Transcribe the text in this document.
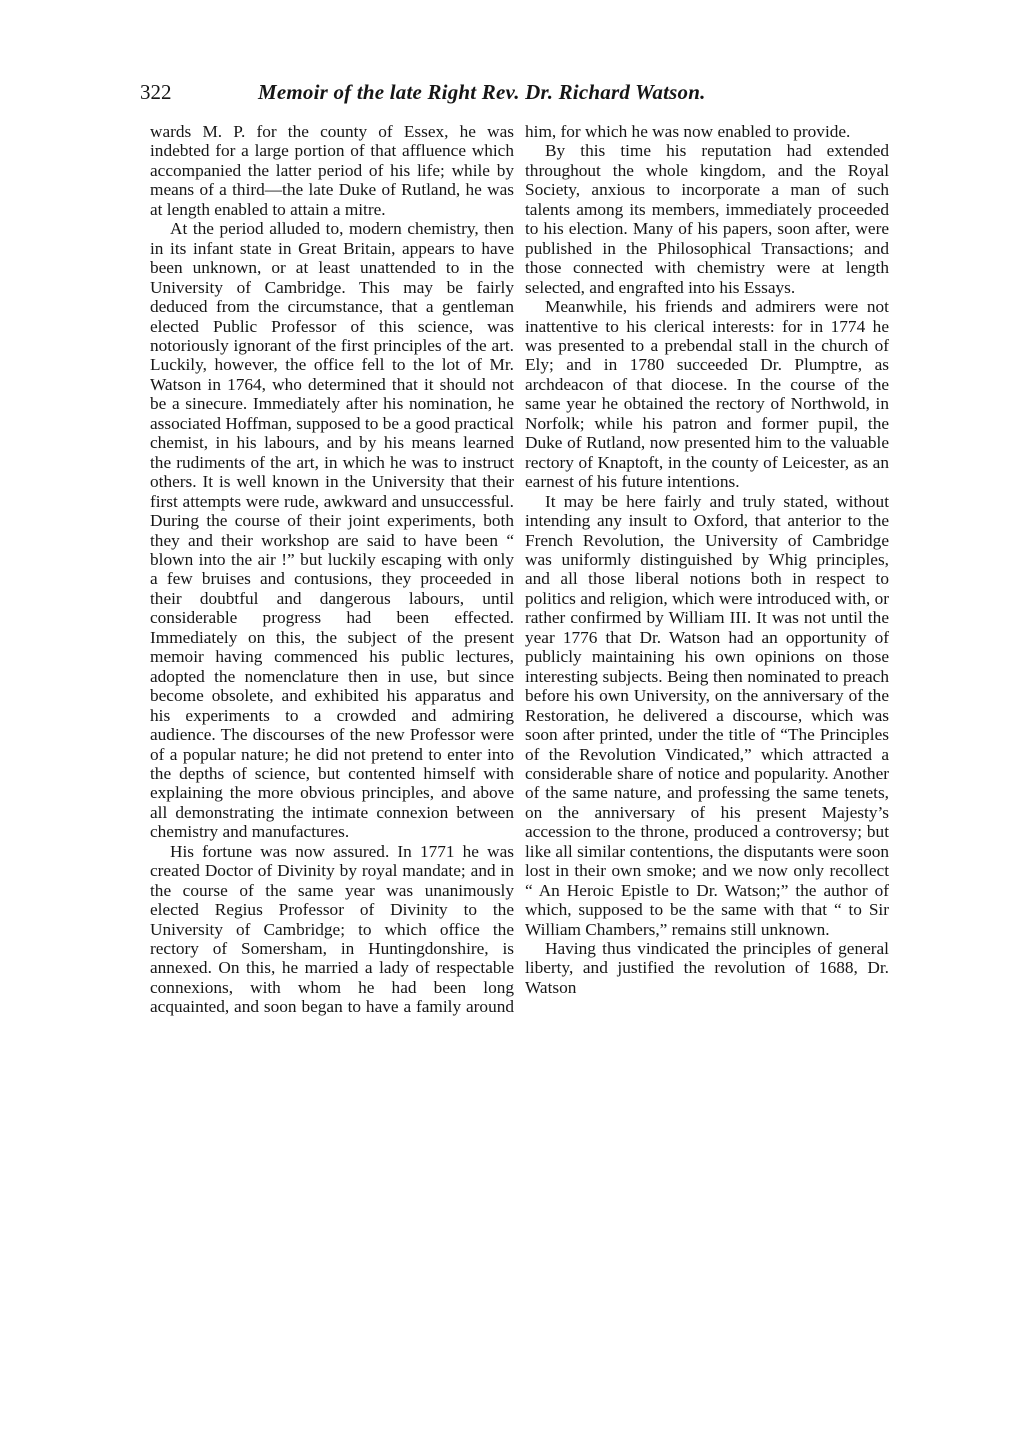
322	Memoir of the late Right Rev. Dr. Richard Watson.

wards M. P. for the county of Essex, he was indebted for a large portion of that affluence which accompanied the latter period of his life; while by means of a third—the late Duke of Rutland, he was at length enabled to attain a mitre.

At the period alluded to, modern chemistry, then in its infant state in Great Britain, appears to have been unknown, or at least unattended to in the University of Cambridge. This may be fairly deduced from the circumstance, that a gentleman elected Public Professor of this science, was notoriously ignorant of the first principles of the art. Luckily, however, the office fell to the lot of Mr. Watson in 1764, who determined that it should not be a sinecure. Immediately after his nomination, he associated Hoffman, supposed to be a good practical chemist, in his labours, and by his means learned the rudiments of the art, in which he was to instruct others. It is well known in the University that their first attempts were rude, awkward and unsuccessful. During the course of their joint experiments, both they and their workshop are said to have been “ blown into the air !” but luckily escaping with only a few bruises and contusions, they proceeded in their doubtful and dangerous labours, until considerable progress had been effected. Immediately on this, the subject of the present memoir having commenced his public lectures, adopted the nomenclature then in use, but since become obsolete, and exhibited his apparatus and his experiments to a crowded and admiring audience. The discourses of the new Professor were of a popular nature; he did not pretend to enter into the depths of science, but contented himself with explaining the more obvious principles, and above all demonstrating the intimate connexion between chemistry and manufactures.

His fortune was now assured. In 1771 he was created Doctor of Divinity by royal mandate; and in the course of the same year was unanimously elected Regius Professor of Divinity to the University of Cambridge; to which office the rectory of Somersham, in Huntingdonshire, is annexed. On this, he married a lady of respectable connexions, with whom he had been long acquainted, and soon began to have a family around

him, for which he was now enabled to provide.

By this time his reputation had extended throughout the whole kingdom, and the Royal Society, anxious to incorporate a man of such talents among its members, immediately proceeded to his election. Many of his papers, soon after, were published in the Philosophical Transactions; and those connected with chemistry were at length selected, and engrafted into his Essays.

Meanwhile, his friends and admirers were not inattentive to his clerical interests: for in 1774 he was presented to a prebendal stall in the church of Ely; and in 1780 succeeded Dr. Plumptre, as archdeacon of that diocese. In the course of the same year he obtained the rectory of Northwold, in Norfolk; while his patron and former pupil, the Duke of Rutland, now presented him to the valuable rectory of Knaptoft, in the county of Leicester, as an earnest of his future intentions.

It may be here fairly and truly stated, without intending any insult to Oxford, that anterior to the French Revolution, the University of Cambridge was uniformly distinguished by Whig principles, and all those liberal notions both in respect to politics and religion, which were introduced with, or rather confirmed by William III. It was not until the year 1776 that Dr. Watson had an opportunity of publicly maintaining his own opinions on those interesting subjects. Being then nominated to preach before his own University, on the anniversary of the Restoration, he delivered a discourse, which was soon after printed, under the title of “The Principles of the Revolution Vindicated,” which attracted a considerable share of notice and popularity. Another of the same nature, and professing the same tenets, on the anniversary of his present Majesty’s accession to the throne, produced a controversy; but like all similar contentions, the disputants were soon lost in their own smoke; and we now only recollect “ An Heroic Epistle to Dr. Watson;” the author of which, supposed to be the same with that “ to Sir William Chambers,” remains still unknown.

Having thus vindicated the principles of general liberty, and justified the revolution of 1688, Dr. Watson
